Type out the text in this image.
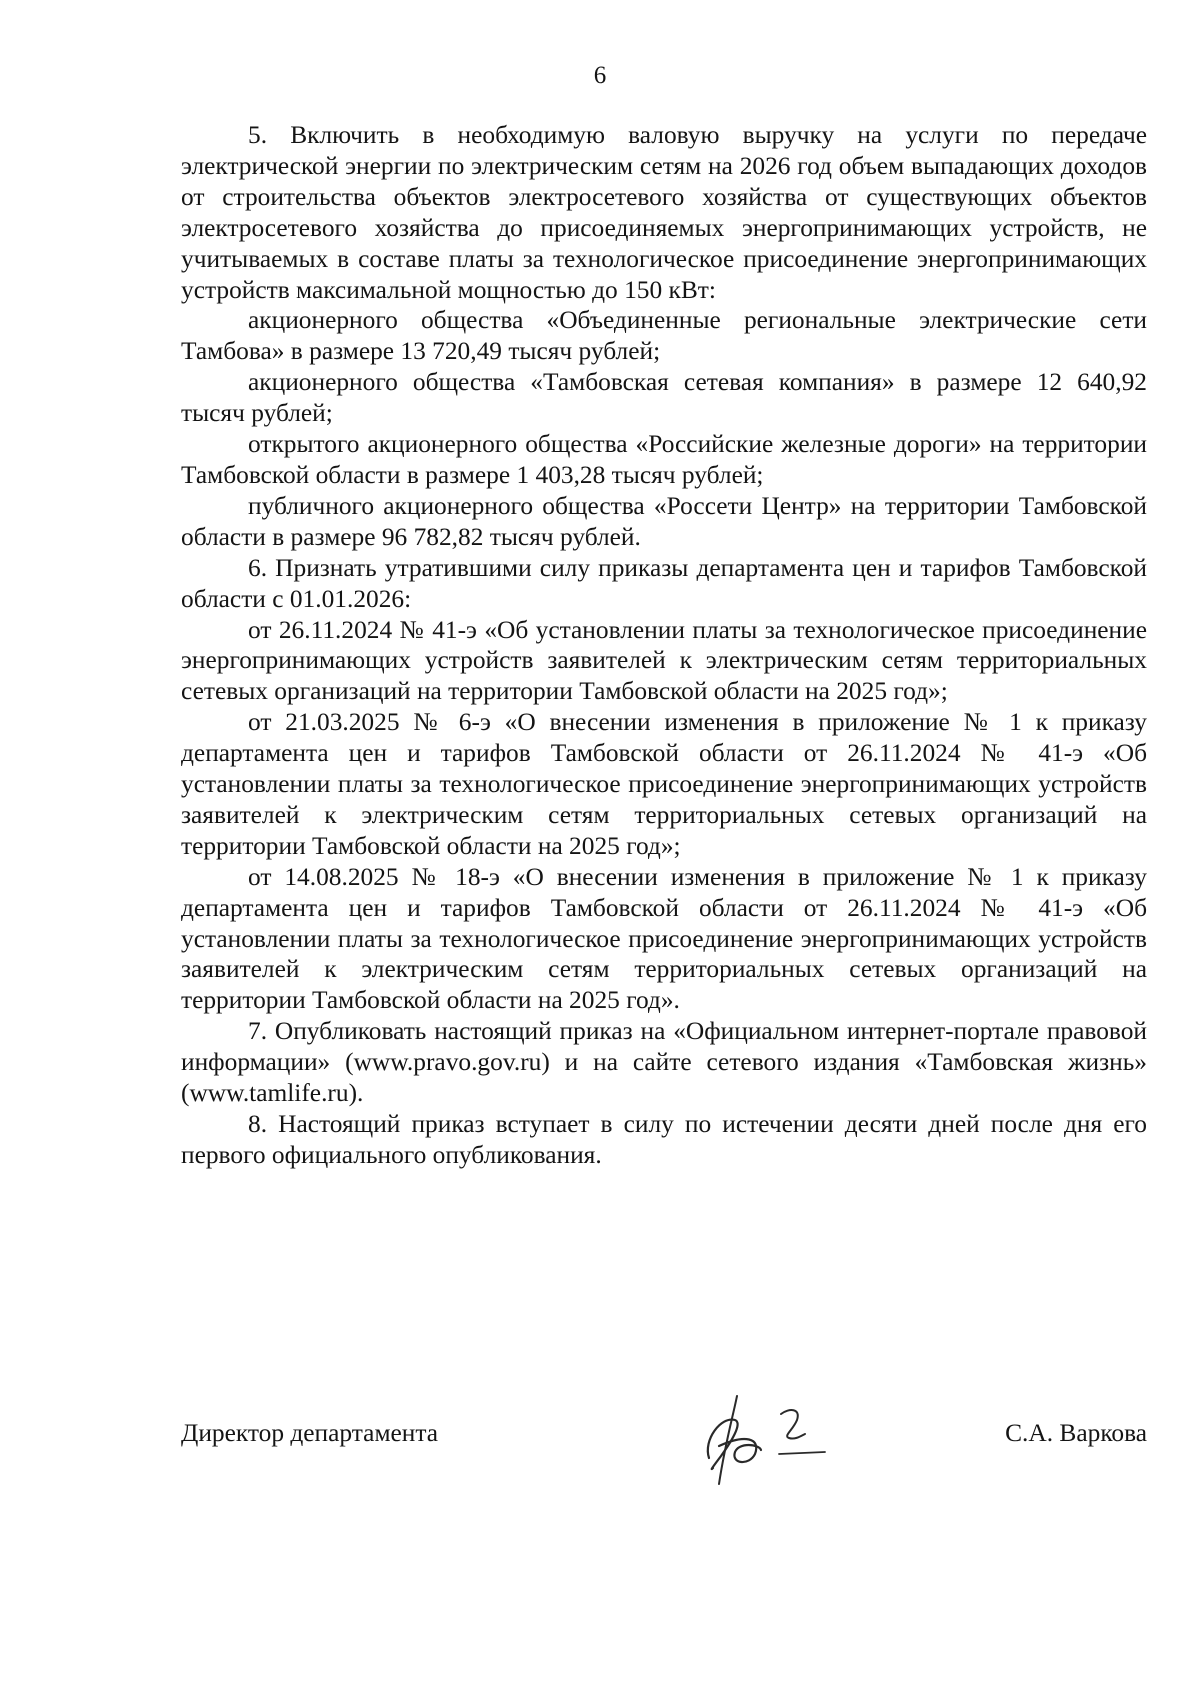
6

5. Включить в необходимую валовую выручку на услуги по передаче электрической энергии по электрическим сетям на 2026 год объем выпадающих доходов от строительства объектов электросетевого хозяйства от существующих объектов электросетевого хозяйства до присоединяемых энергопринимающих устройств, не учитываемых в составе платы за технологическое присоединение энергопринимающих устройств максимальной мощностью до 150 кВт:

акционерного общества «Объединенные региональные электрические сети Тамбова» в размере 13 720,49 тысяч рублей;

акционерного общества «Тамбовская сетевая компания» в размере 12 640,92 тысяч рублей;

открытого акционерного общества «Российские железные дороги» на территории Тамбовской области в размере 1 403,28 тысяч рублей;

публичного акционерного общества «Россети Центр» на территории Тамбовской области в размере 96 782,82 тысяч рублей.

6. Признать утратившими силу приказы департамента цен и тарифов Тамбовской области с 01.01.2026:

от 26.11.2024 № 41-э «Об установлении платы за технологическое присоединение энергопринимающих устройств заявителей к электрическим сетям территориальных сетевых организаций на территории Тамбовской области на 2025 год»;

от 21.03.2025 № 6-э «О внесении изменения в приложение № 1 к приказу департамента цен и тарифов Тамбовской области от 26.11.2024 № 41-э «Об установлении платы за технологическое присоединение энергопринимающих устройств заявителей к электрическим сетям территориальных сетевых организаций на территории Тамбовской области на 2025 год»;

от 14.08.2025 № 18-э «О внесении изменения в приложение № 1 к приказу департамента цен и тарифов Тамбовской области от 26.11.2024 № 41-э «Об установлении платы за технологическое присоединение энергопринимающих устройств заявителей к электрическим сетям территориальных сетевых организаций на территории Тамбовской области на 2025 год».

7. Опубликовать настоящий приказ на «Официальном интернет-портале правовой информации» (www.pravo.gov.ru) и на сайте сетевого издания «Тамбовская жизнь» (www.tamlife.ru).

8. Настоящий приказ вступает в силу по истечении десяти дней после дня его первого официального опубликования.

Директор департамента	С.А. Варкова
